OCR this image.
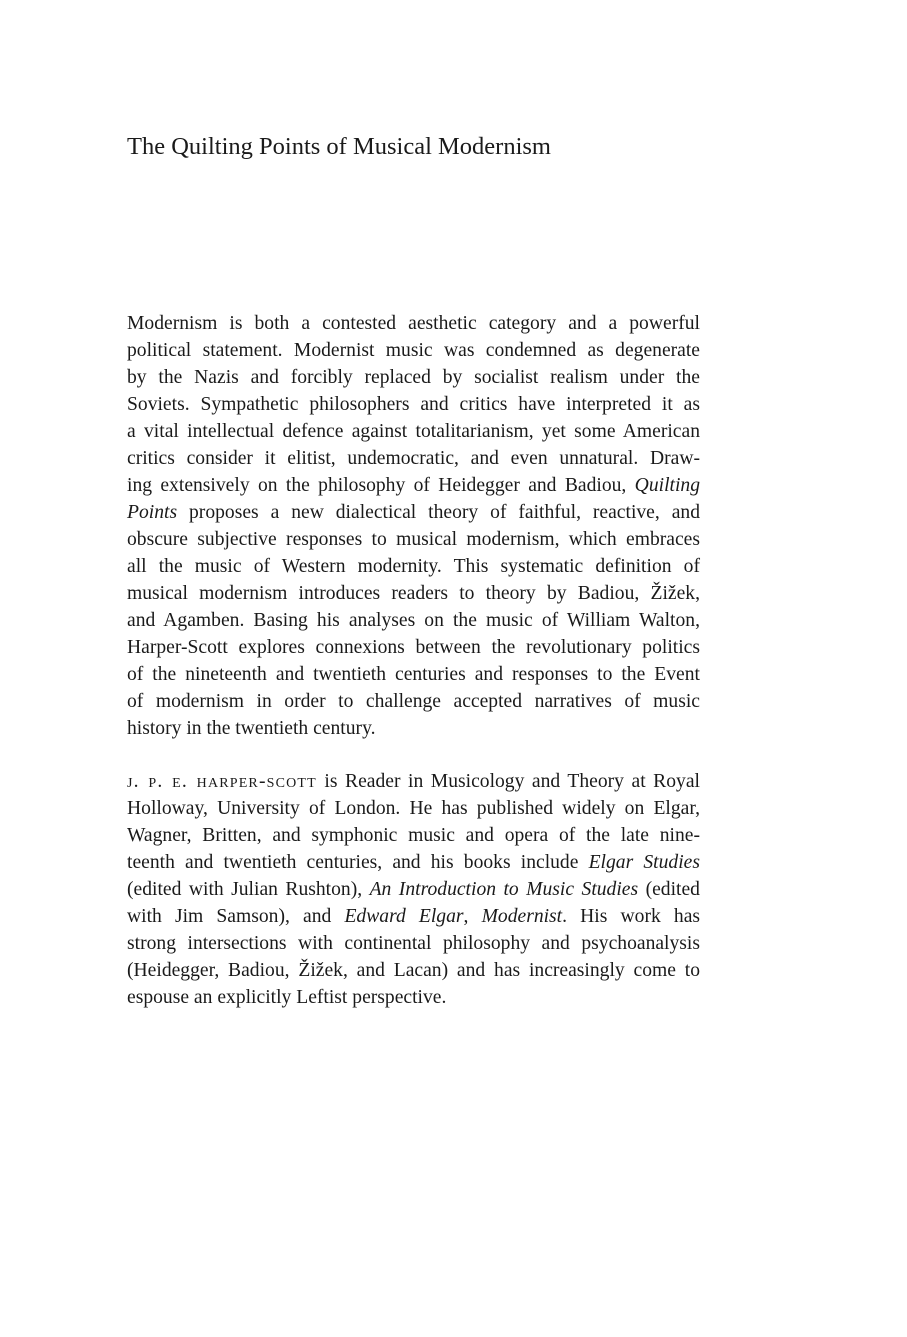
The Quilting Points of Musical Modernism
Modernism is both a contested aesthetic category and a powerful
political statement. Modernist music was condemned as degenerate
by the Nazis and forcibly replaced by socialist realism under the
Soviets. Sympathetic philosophers and critics have interpreted it as
a vital intellectual defence against totalitarianism, yet some American
critics consider it elitist, undemocratic, and even unnatural. Draw-
ing extensively on the philosophy of Heidegger and Badiou, Quilting
Points proposes a new dialectical theory of faithful, reactive, and
obscure subjective responses to musical modernism, which embraces
all the music of Western modernity. This systematic definition of
musical modernism introduces readers to theory by Badiou, Žižek,
and Agamben. Basing his analyses on the music of William Walton,
Harper-Scott explores connexions between the revolutionary politics
of the nineteenth and twentieth centuries and responses to the Event
of modernism in order to challenge accepted narratives of music
history in the twentieth century.
j. p. e. harper-scott is Reader in Musicology and Theory at Royal
Holloway, University of London. He has published widely on Elgar,
Wagner, Britten, and symphonic music and opera of the late nine-
teenth and twentieth centuries, and his books include Elgar Studies
(edited with Julian Rushton), An Introduction to Music Studies (edited
with Jim Samson), and Edward Elgar, Modernist. His work has
strong intersections with continental philosophy and psychoanalysis
(Heidegger, Badiou, Žižek, and Lacan) and has increasingly come to
espouse an explicitly Leftist perspective.
